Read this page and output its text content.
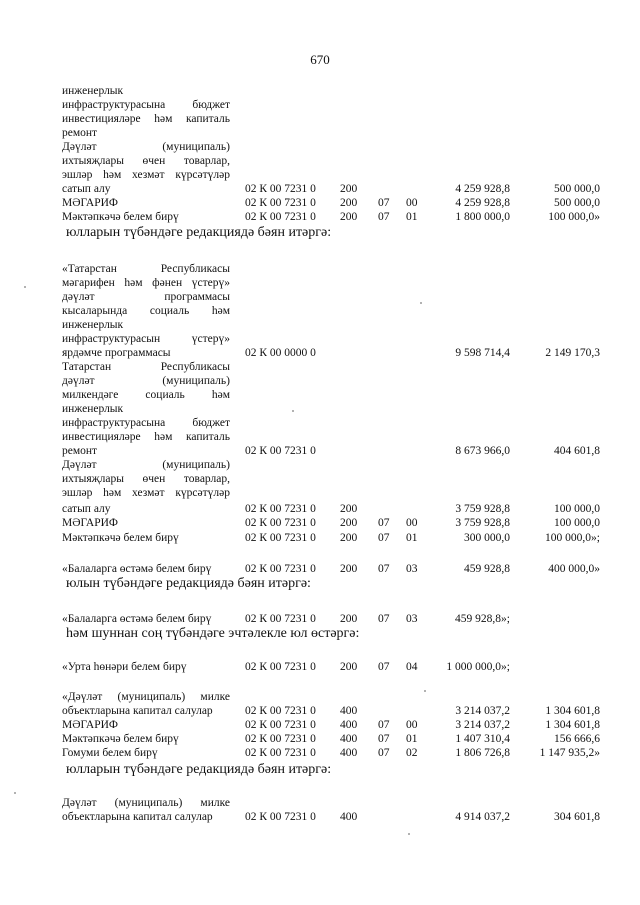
670
инженерлык
инфраструктурасына бюджет
инвестицияләре һәм капиталь
ремонт
Дәүләт (муниципаль)
ихтыяҗлары өчен товарлар,
эшләр һәм хезмәт күрсәтүләр
сатып алу	02 К 00 7231 0 200	4 259 928,8	500 000,0
МӘГАРИФ	02 К 00 7231 0 200 07 00	4 259 928,8	500 000,0
Мәктәпкәчә белем бирү	02 К 00 7231 0 200 07 01	1 800 000,0	100 000,0»
юлларын түбәндәге редакциядә бәян итәргә:
«Татарстан Республикасы
мәгарифен һәм фәнен үстерү»
дәүләт программасы
кысаларында социаль һәм
инженерлык
инфраструктурасын үстерү»
ярдәмче программасы	02 К 00 0000 0	9 598 714,4	2 149 170,3
Татарстан Республикасы
дәүләт (муниципаль)
милкендәге социаль һәм
инженерлык
инфраструктурасына бюджет
инвестицияләре һәм капиталь
ремонт	02 К 00 7231 0	8 673 966,0	404 601,8
Дәүләт (муниципаль)
ихтыяҗлары өчен товарлар,
эшләр һәм хезмәт күрсәтүләр
сатып алу	02 К 00 7231 0 200	3 759 928,8	100 000,0
МӘГАРИФ	02 К 00 7231 0 200 07 00	3 759 928,8	100 000,0
Мәктәпкәчә белем бирү	02 К 00 7231 0 200 07 01	300 000,0	100 000,0»;
«Балаларга өстәмә белем бирү	02 К 00 7231 0 200 07 03	459 928,8	400 000,0»
юлын түбәндәге редакциядә бәян итәргә:
«Балаларга өстәмә белем бирү	02 К 00 7231 0 200 07 03	459 928,8»;
һәм шуннан соң түбәндәге эчтәлекле юл өстәргә:
«Урта һөнәри белем бирү	02 К 00 7231 0 200 07 04	1 000 000,0»;
«Дәүләт (муниципаль) милке
объектларына капитал салулар	02 К 00 7231 0 400	3 214 037,2	1 304 601,8
МӘГАРИФ	02 К 00 7231 0 400 07 00	3 214 037,2	1 304 601,8
Мәктәпкәчә белем бирү	02 К 00 7231 0 400 07 01	1 407 310,4	156 666,6
Гомуми белем бирү	02 К 00 7231 0 400 07 02	1 806 726,8	1 147 935,2»
юлларын түбәндәге редакциядә бәян итәргә:
Дәүләт (муниципаль) милке
объектларына капитал салулар	02 К 00 7231 0 400	4 914 037,2	304 601,8
